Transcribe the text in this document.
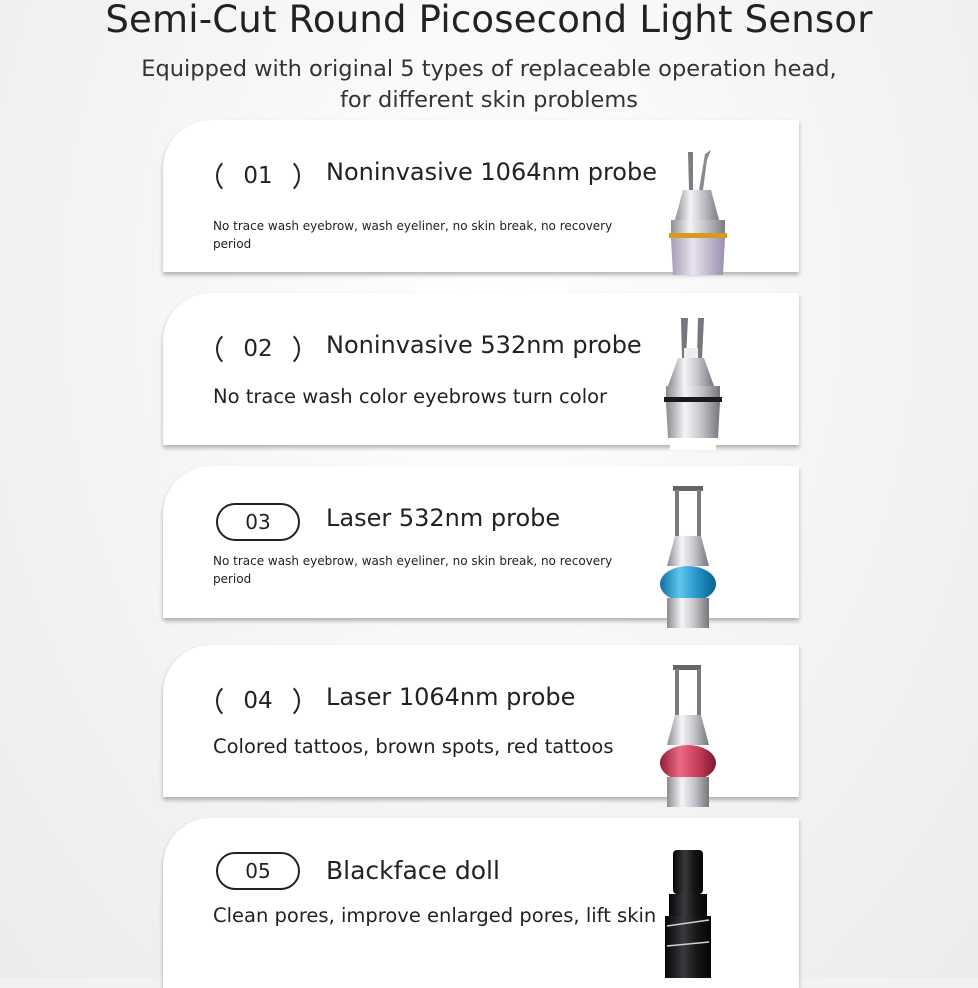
Semi-Cut Round Picosecond Light Sensor
Equipped with original 5 types of replaceable operation head,
for different skin problems
01	Noninvasive 1064nm probe
No trace wash eyebrow, wash eyeliner, no skin break, no recovery period
02	Noninvasive 532nm probe
No trace wash color eyebrows turn color
03	Laser 532nm probe
No trace wash eyebrow, wash eyeliner, no skin break, no recovery
period
04	Laser 1064nm probe
Colored tattoos, brown spots, red tattoos
05	Blackface doll
Clean pores, improve enlarged pores, lift skin
